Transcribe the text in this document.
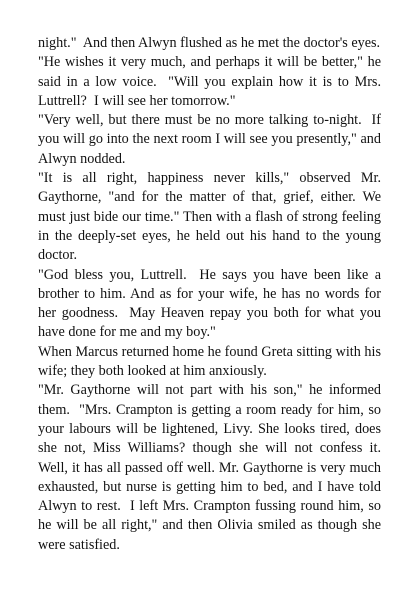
night."  And then Alwyn flushed as he met the doctor's eyes.

"He wishes it very much, and perhaps it will be better," he said in a low voice.  "Will you explain how it is to Mrs. Luttrell?  I will see her tomorrow."

"Very well, but there must be no more talking to-night.  If you will go into the next room I will see you presently," and Alwyn nodded.

"It is all right, happiness never kills," observed Mr. Gaythorne, "and for the matter of that, grief, either. We must just bide our time." Then with a flash of strong feeling in the deeply-set eyes, he held out his hand to the young doctor.

"God bless you, Luttrell.  He says you have been like a brother to him. And as for your wife, he has no words for her goodness.  May Heaven repay you both for what you have done for me and my boy."

When Marcus returned home he found Greta sitting with his wife; they both looked at him anxiously.

"Mr. Gaythorne will not part with his son," he informed them.  "Mrs. Crampton is getting a room ready for him, so your labours will be lightened, Livy. She looks tired, does she not, Miss Williams? though she will not confess it.  Well, it has all passed off well. Mr. Gaythorne is very much exhausted, but nurse is getting him to bed, and I have told Alwyn to rest.  I left Mrs. Crampton fussing round him, so he will be all right," and then Olivia smiled as though she were satisfied.
